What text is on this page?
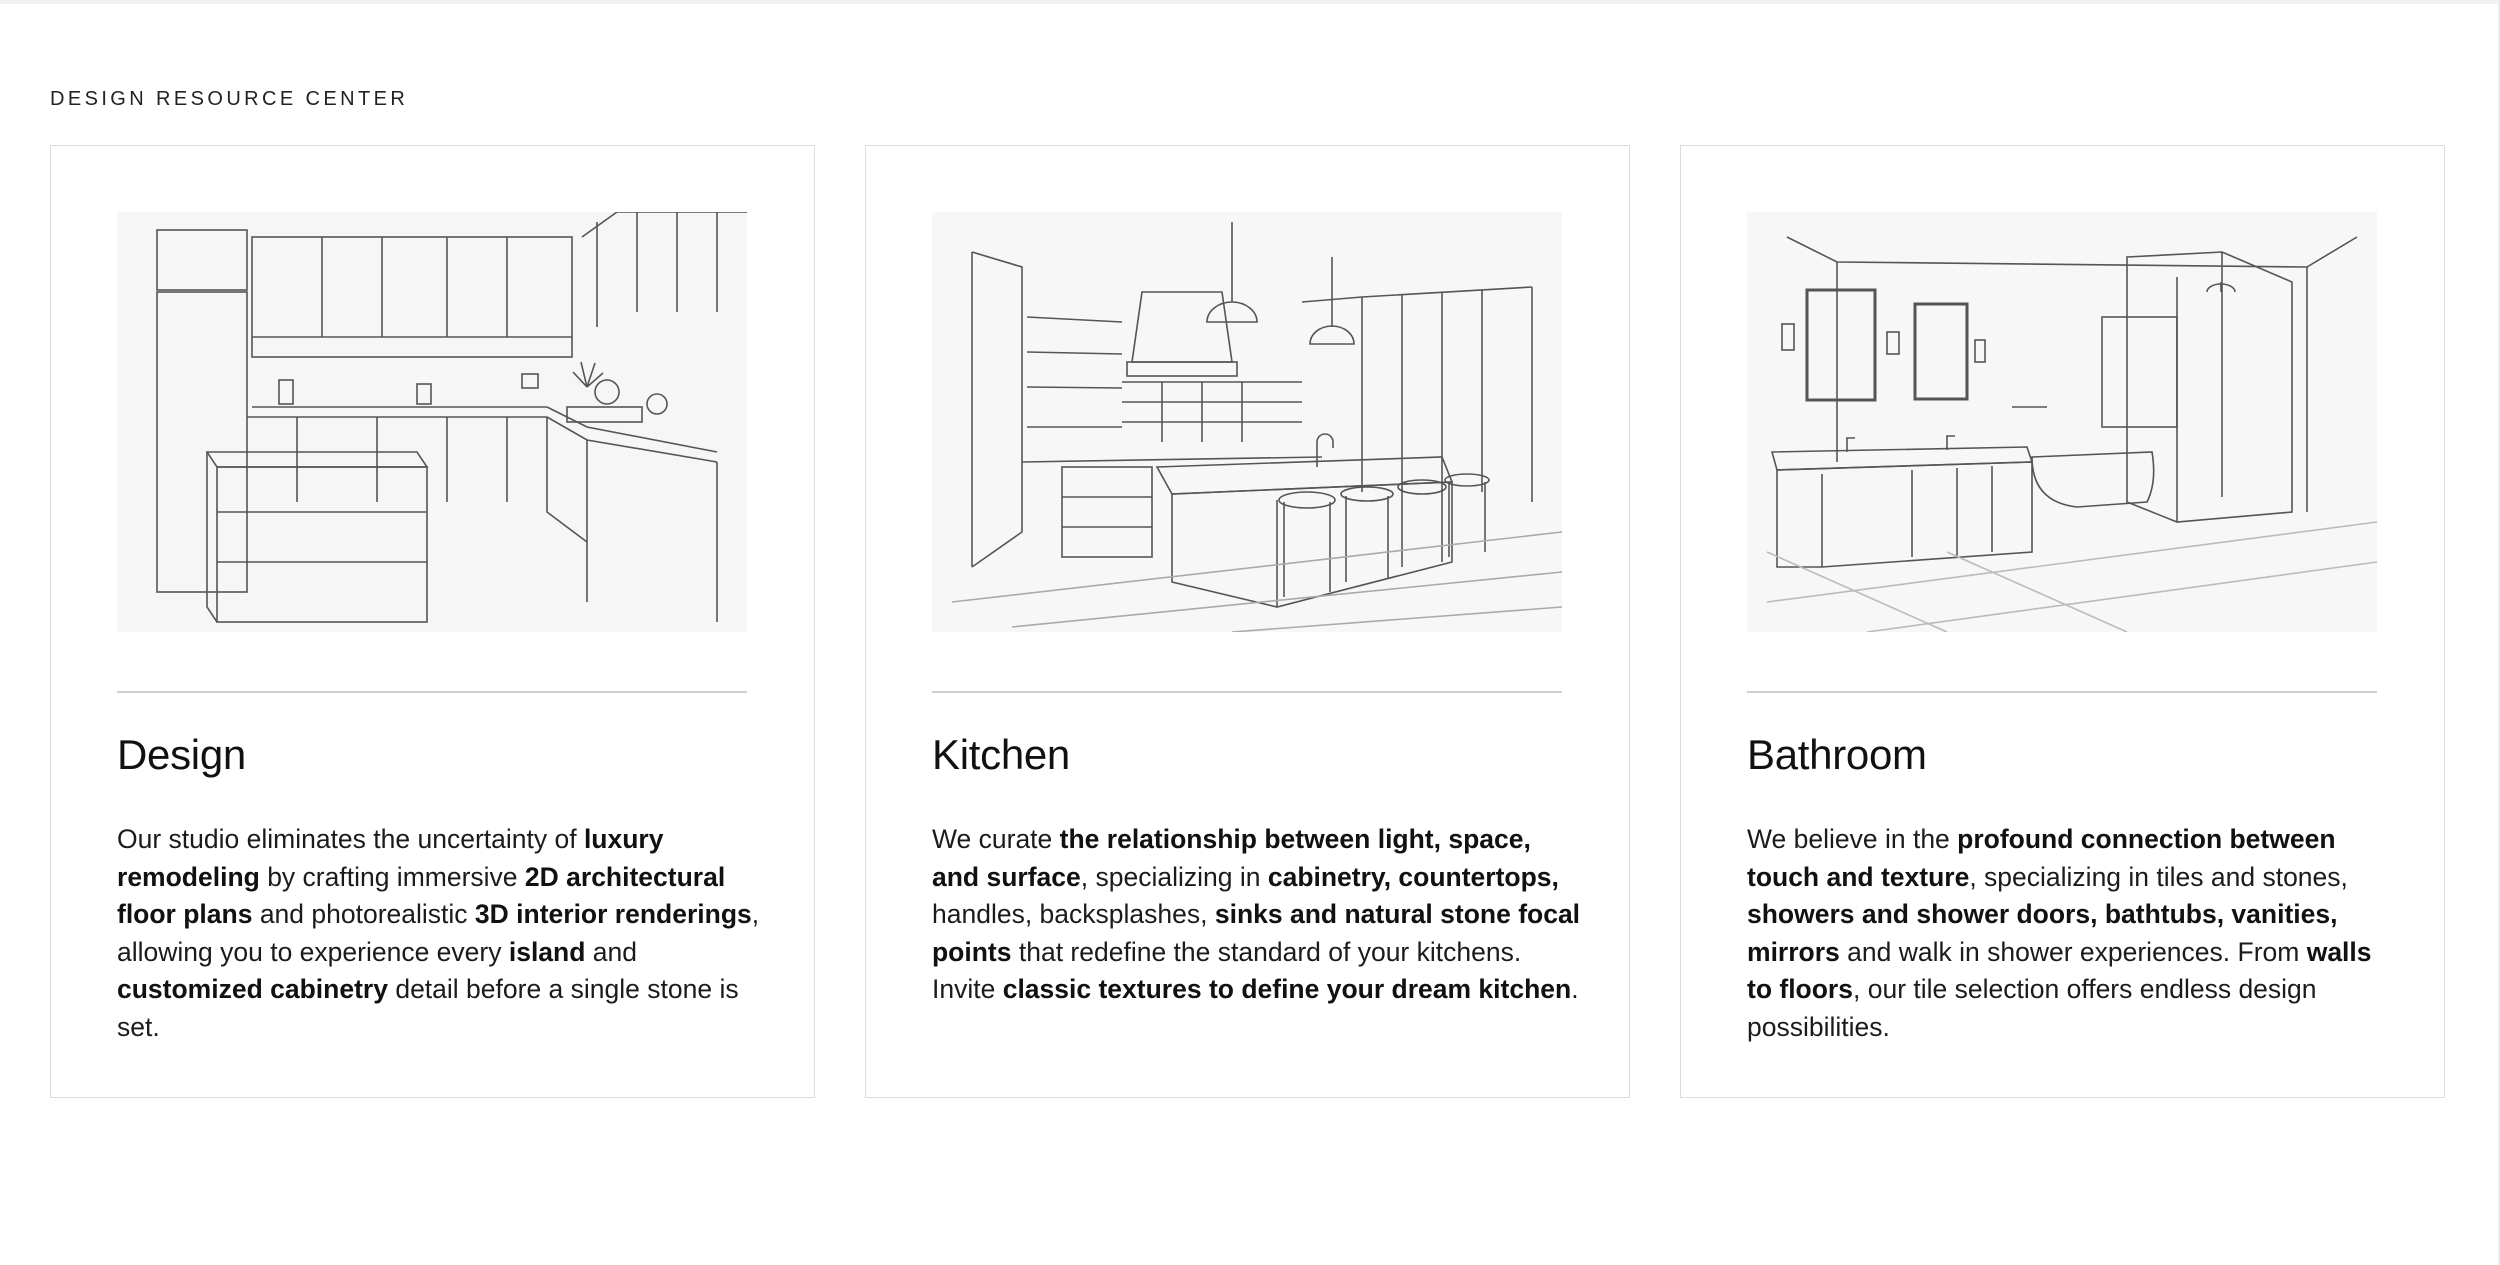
DESIGN RESOURCE CENTER
Design

Our studio eliminates the uncertainty of luxury remodeling by crafting immersive 2D architectural floor plans and photorealistic 3D interior renderings, allowing you to experience every island and customized cabinetry detail before a single stone is set.

Kitchen

We curate the relationship between light, space, and surface, specializing in cabinetry, countertops, handles, backsplashes, sinks and natural stone focal points that redefine the standard of your kitchens. Invite classic textures to define your dream kitchen.

Bathroom

We believe in the profound connection between touch and texture, specializing in tiles and stones, showers and shower doors, bathtubs, vanities, mirrors and walk in shower experiences. From walls to floors, our tile selection offers endless design possibilities.
